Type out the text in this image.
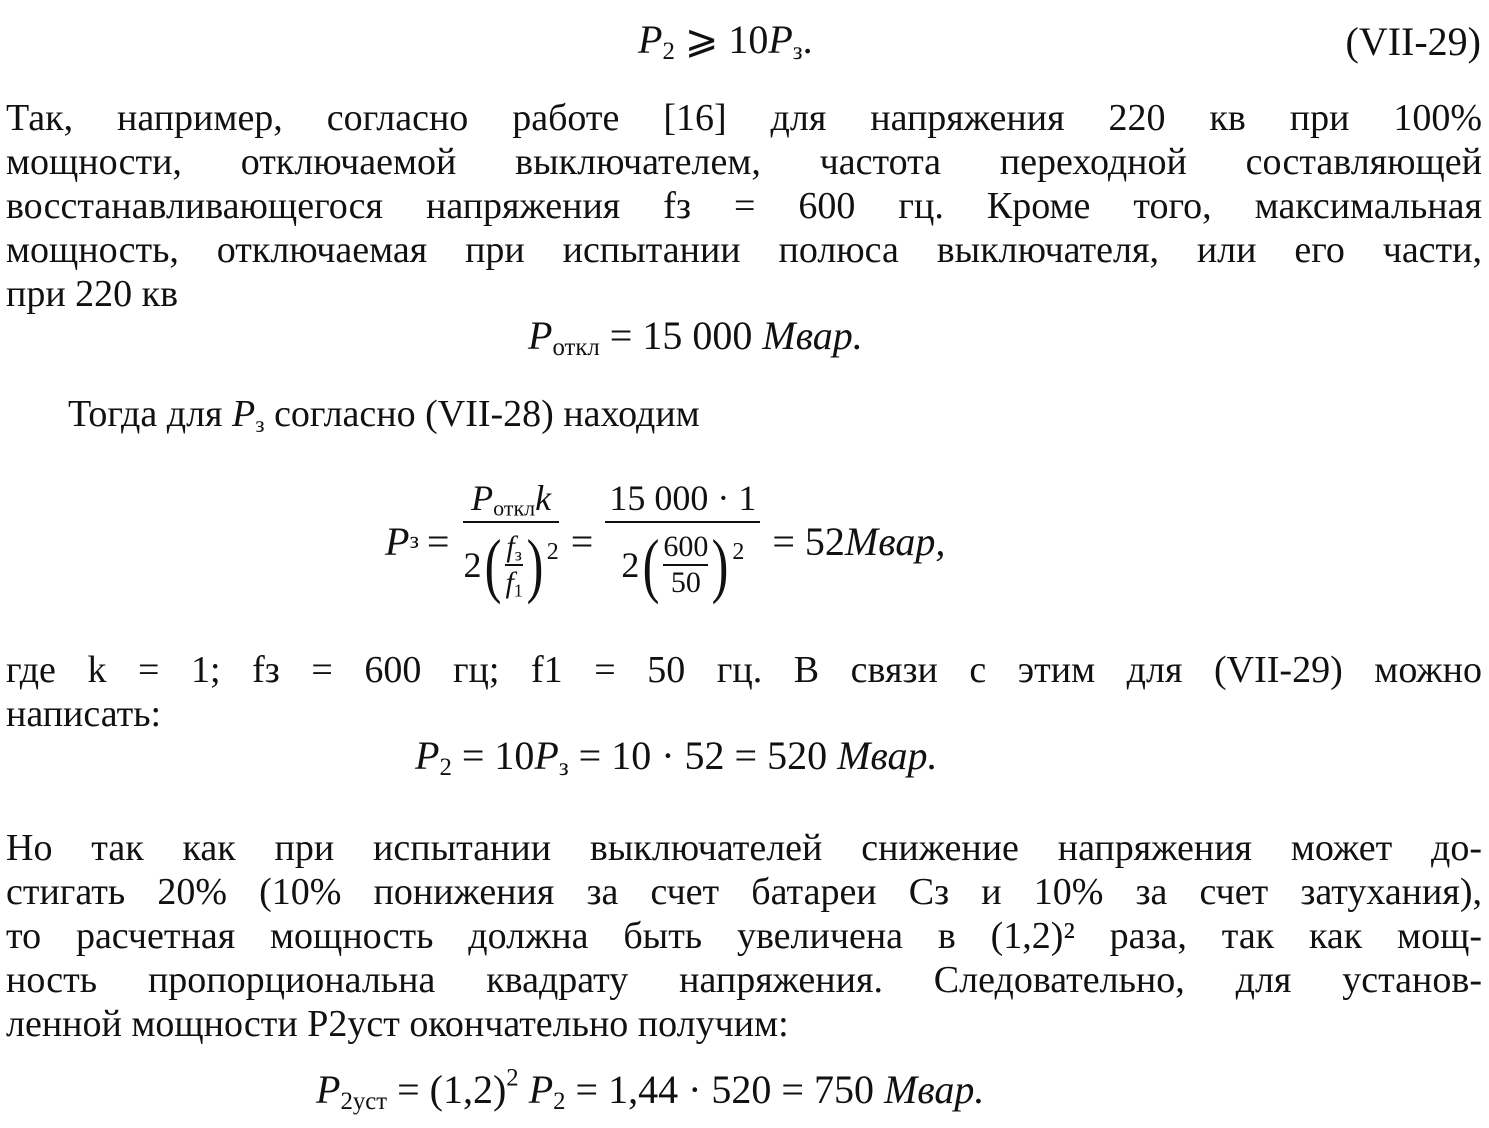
$P_2$ ⩾ $10P_з$.	(VII-29)
Так, например, согласно работе [16] для напряжения 220 кв при 100%
мощности, отключаемой выключателем, частота переходной составляющей
восстанавливающегося напряжения fз = 600 гц. Кроме того, максимальная
мощность, отключаемая при испытании полюса выключателя, или его части,
при 220 кв
$P_{откл} = 15$ 000 Мвар.
Тогда для $P_з$ согласно (VII-28) находим
P з =
$P_{откл}k$
2 ( $\frac{f_з}{f_1}$ ) 2 =
15 000 · 1
2 ( $\frac{600}{50}$ ) 2 = 52 Мвар,
где k = 1; fз = 600 гц; f1 = 50 гц. В связи с этим для (VII-29) можно
написать:
$P_2 = 10P_з = 10 \cdot 52 = 520$ Мвар.
Но так как при испытании выключателей снижение напряжения может до-
стигать 20% (10% понижения за счет батареи Cз и 10% за счет затухания),
то расчетная мощность должна быть увеличена в (1,2)² раза, так как мощ-
ность пропорциональна квадрату напряжения. Следовательно, для установ-
ленной мощности P2уст окончательно получим:
$P_{2уст} = (1,2)^2$ $P_2 = 1,44 \cdot 520 = 750$ Мвар.
